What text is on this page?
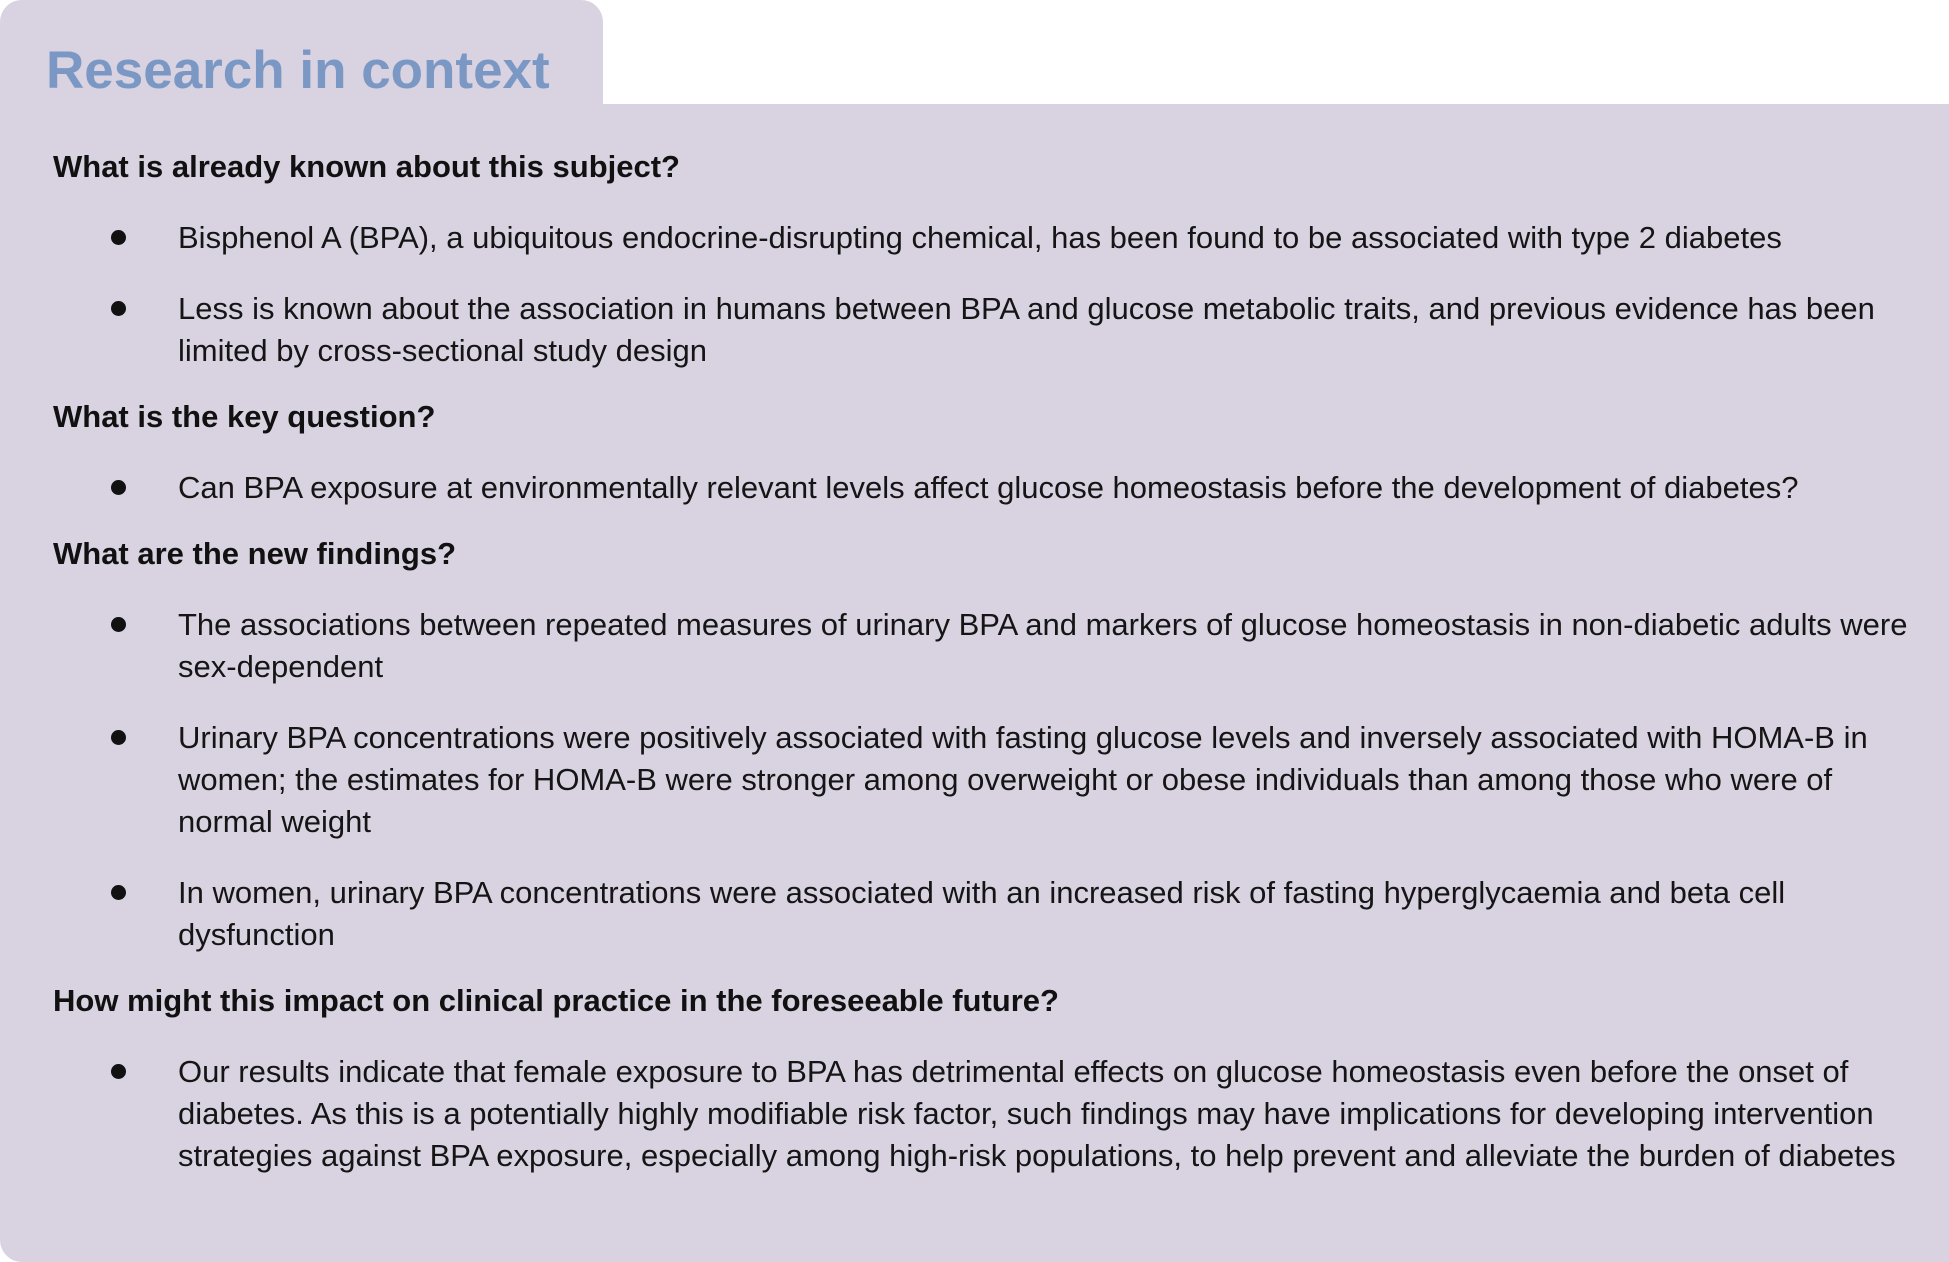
Research in context
What is already known about this subject?
Bisphenol A (BPA), a ubiquitous endocrine-disrupting chemical, has been found to be associated with type 2 diabetes
Less is known about the association in humans between BPA and glucose metabolic traits, and previous evidence has been limited by cross-sectional study design
What is the key question?
Can BPA exposure at environmentally relevant levels affect glucose homeostasis before the development of diabetes?
What are the new findings?
The associations between repeated measures of urinary BPA and markers of glucose homeostasis in non-diabetic adults were sex-dependent
Urinary BPA concentrations were positively associated with fasting glucose levels and inversely associated with HOMA-B in women; the estimates for HOMA-B were stronger among overweight or obese individuals than among those who were of normal weight
In women, urinary BPA concentrations were associated with an increased risk of fasting hyperglycaemia and beta cell dysfunction
How might this impact on clinical practice in the foreseeable future?
Our results indicate that female exposure to BPA has detrimental effects on glucose homeostasis even before the onset of diabetes. As this is a potentially highly modifiable risk factor, such findings may have implications for developing intervention strategies against BPA exposure, especially among high-risk populations, to help prevent and alleviate the burden of diabetes
